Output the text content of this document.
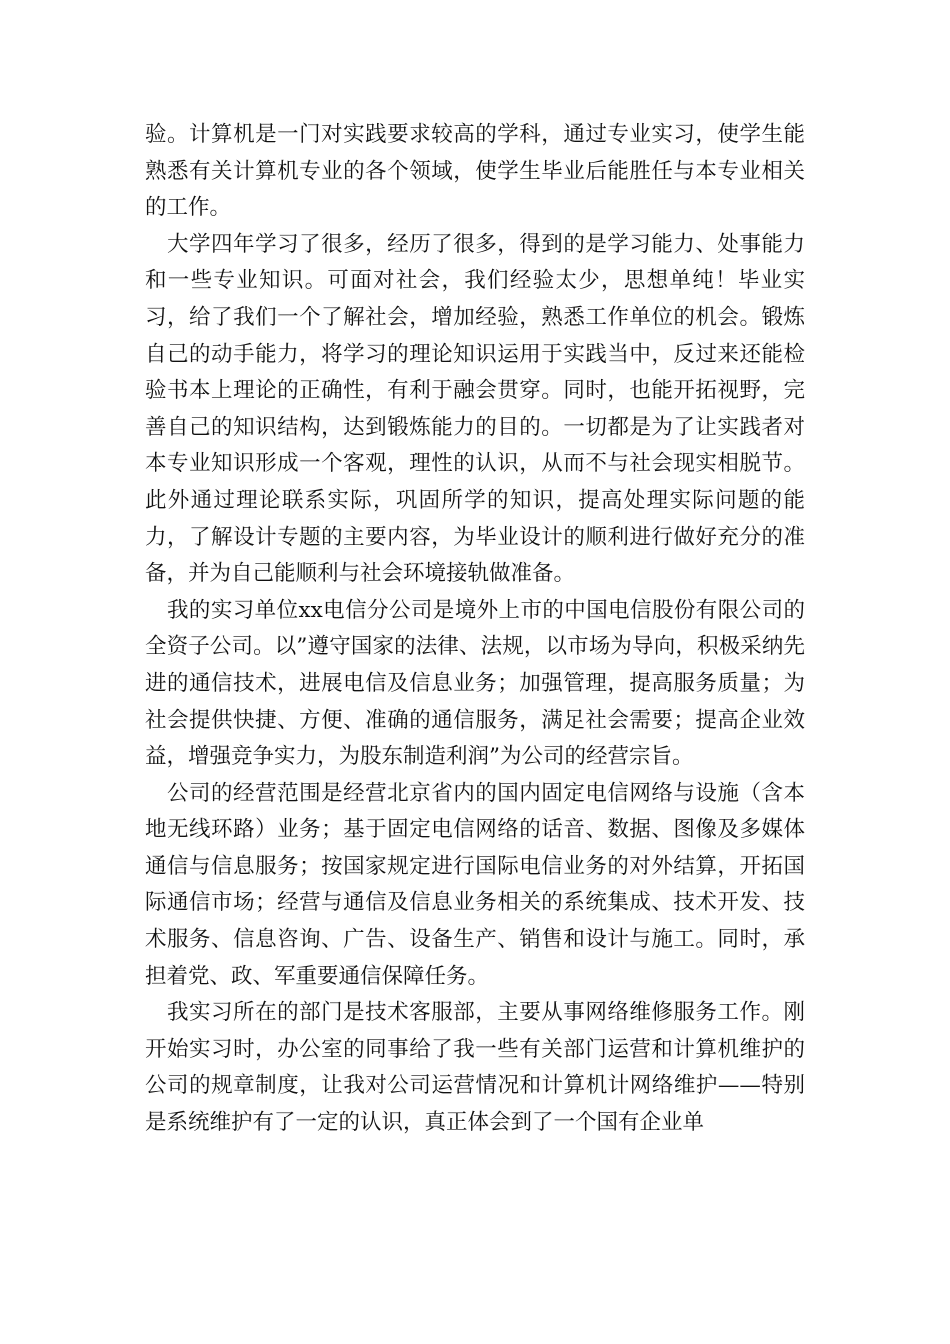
验。计算机是一门对实践要求较高的学科，通过专业实习，使学生能熟悉有关计算机专业的各个领域，使学生毕业后能胜任与本专业相关的工作。

大学四年学习了很多，经历了很多，得到的是学习能力、处事能力和一些专业知识。可面对社会，我们经验太少，思想单纯！毕业实习，给了我们一个了解社会，增加经验，熟悉工作单位的机会。锻炼自己的动手能力，将学习的理论知识运用于实践当中，反过来还能检验书本上理论的正确性，有利于融会贯穿。同时，也能开拓视野，完善自己的知识结构，达到锻炼能力的目的。一切都是为了让实践者对本专业知识形成一个客观，理性的认识，从而不与社会现实相脱节。此外通过理论联系实际，巩固所学的知识，提高处理实际问题的能力，了解设计专题的主要内容，为毕业设计的顺利进行做好充分的准备，并为自己能顺利与社会环境接轨做准备。

我的实习单位xx电信分公司是境外上市的中国电信股份有限公司的全资子公司。以”遵守国家的法律、法规，以市场为导向，积极采纳先进的通信技术，进展电信及信息业务；加强管理，提高服务质量；为社会提供快捷、方便、准确的通信服务，满足社会需要；提高企业效益，增强竞争实力，为股东制造利润”为公司的经营宗旨。

公司的经营范围是经营北京省内的国内固定电信网络与设施（含本地无线环路）业务；基于固定电信网络的话音、数据、图像及多媒体通信与信息服务；按国家规定进行国际电信业务的对外结算，开拓国际通信市场；经营与通信及信息业务相关的系统集成、技术开发、技术服务、信息咨询、广告、设备生产、销售和设计与施工。同时，承担着党、政、军重要通信保障任务。

我实习所在的部门是技术客服部，主要从事网络维修服务工作。刚开始实习时，办公室的同事给了我一些有关部门运营和计算机维护的公司的规章制度，让我对公司运营情况和计算机计网络维护——特别是系统维护有了一定的认识，真正体会到了一个国有企业单
